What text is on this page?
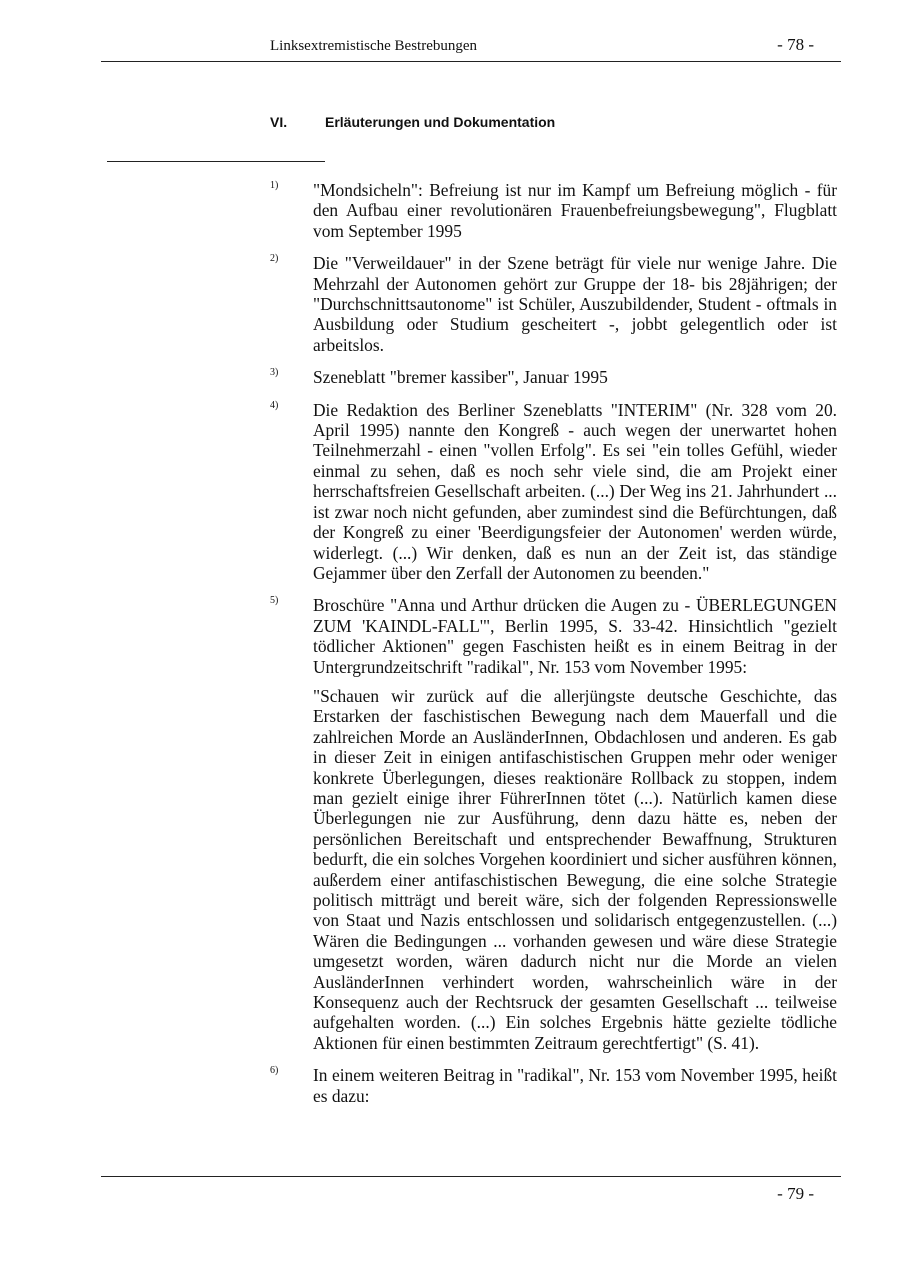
Linksextremistische Bestrebungen	- 78 -
VI.	Erläuterungen und Dokumentation
1) "Mondsicheln": Befreiung ist nur im Kampf um Befreiung möglich - für den Aufbau einer revolutionären Frauenbefreiungsbewegung", Flugblatt vom September 1995
2) Die "Verweildauer" in der Szene beträgt für viele nur wenige Jahre. Die Mehrzahl der Autonomen gehört zur Gruppe der 18- bis 28jährigen; der "Durchschnittsautonome" ist Schüler, Auszubildender, Student - oftmals in Ausbildung oder Studium gescheitert -, jobbt gelegentlich oder ist arbeitslos.
3) Szeneblatt "bremer kassiber", Januar 1995
4) Die Redaktion des Berliner Szeneblatts "INTERIM" (Nr. 328 vom 20. April 1995) nannte den Kongreß - auch wegen der unerwartet hohen Teilnehmerzahl - einen "vollen Erfolg". Es sei "ein tolles Gefühl, wieder einmal zu sehen, daß es noch sehr viele sind, die am Projekt einer herrschaftsfreien Gesellschaft arbeiten. (...) Der Weg ins 21. Jahrhundert ... ist zwar noch nicht gefunden, aber zumindest sind die Befürchtungen, daß der Kongreß zu einer 'Beerdigungsfeier der Autonomen' werden würde, widerlegt. (...) Wir denken, daß es nun an der Zeit ist, das ständige Gejammer über den Zerfall der Autonomen zu beenden."
5) Broschüre "Anna und Arthur drücken die Augen zu - ÜBERLEGUNGEN ZUM 'KAINDL-FALL'", Berlin 1995, S. 33-42. Hinsichtlich "gezielt tödlicher Aktionen" gegen Faschisten heißt es in einem Beitrag in der Untergrundzeitschrift "radikal", Nr. 153 vom November 1995:
"Schauen wir zurück auf die allerjüngste deutsche Geschichte, das Erstarken der faschistischen Bewegung nach dem Mauerfall und die zahlreichen Morde an AusländerInnen, Obdachlosen und anderen. Es gab in dieser Zeit in einigen antifaschistischen Gruppen mehr oder weniger konkrete Überlegungen, dieses reaktionäre Rollback zu stoppen, indem man gezielt einige ihrer FührerInnen tötet (...). Natürlich kamen diese Überlegungen nie zur Ausführung, denn dazu hätte es, neben der persönlichen Bereitschaft und entsprechender Bewaffnung, Strukturen bedurft, die ein solches Vorgehen koordiniert und sicher ausführen können, außerdem einer antifaschistischen Bewegung, die eine solche Strategie politisch mitträgt und bereit wäre, sich der folgenden Repressionswelle von Staat und Nazis entschlossen und solidarisch entgegenzustellen. (...) Wären die Bedingungen ... vorhanden gewesen und wäre diese Strategie umgesetzt worden, wären dadurch nicht nur die Morde an vielen AusländerInnen verhindert worden, wahrscheinlich wäre in der Konsequenz auch der Rechtsruck der gesamten Gesellschaft ... teilweise aufgehalten worden. (...) Ein solches Ergebnis hätte gezielte tödliche Aktionen für einen bestimmten Zeitraum gerechtfertigt" (S. 41).
6) In einem weiteren Beitrag in "radikal", Nr. 153 vom November 1995, heißt es dazu:
- 79 -
